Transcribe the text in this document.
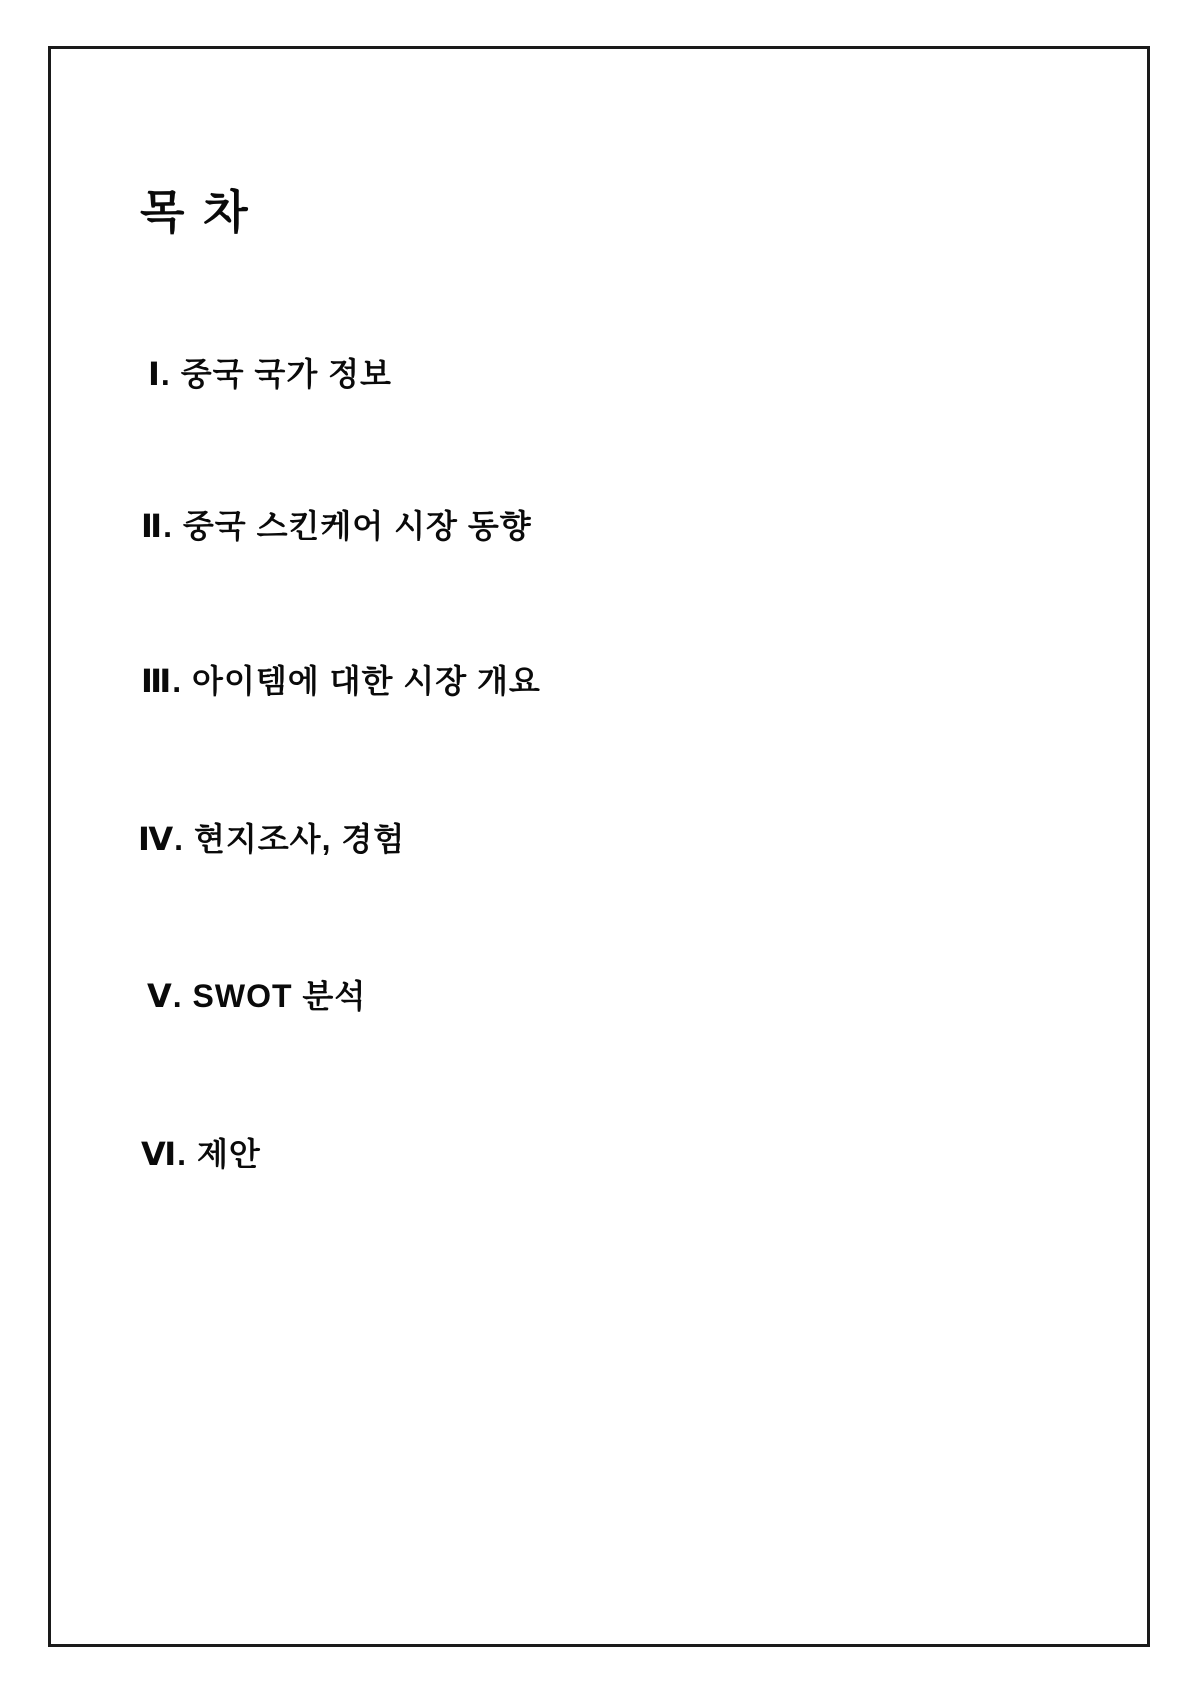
목 차
Ⅰ. 중국 국가 정보
Ⅱ. 중국 스킨케어 시장 동향
Ⅲ. 아이템에 대한 시장 개요
Ⅳ. 현지조사, 경험
Ⅴ. SWOT 분석
Ⅵ. 제안
